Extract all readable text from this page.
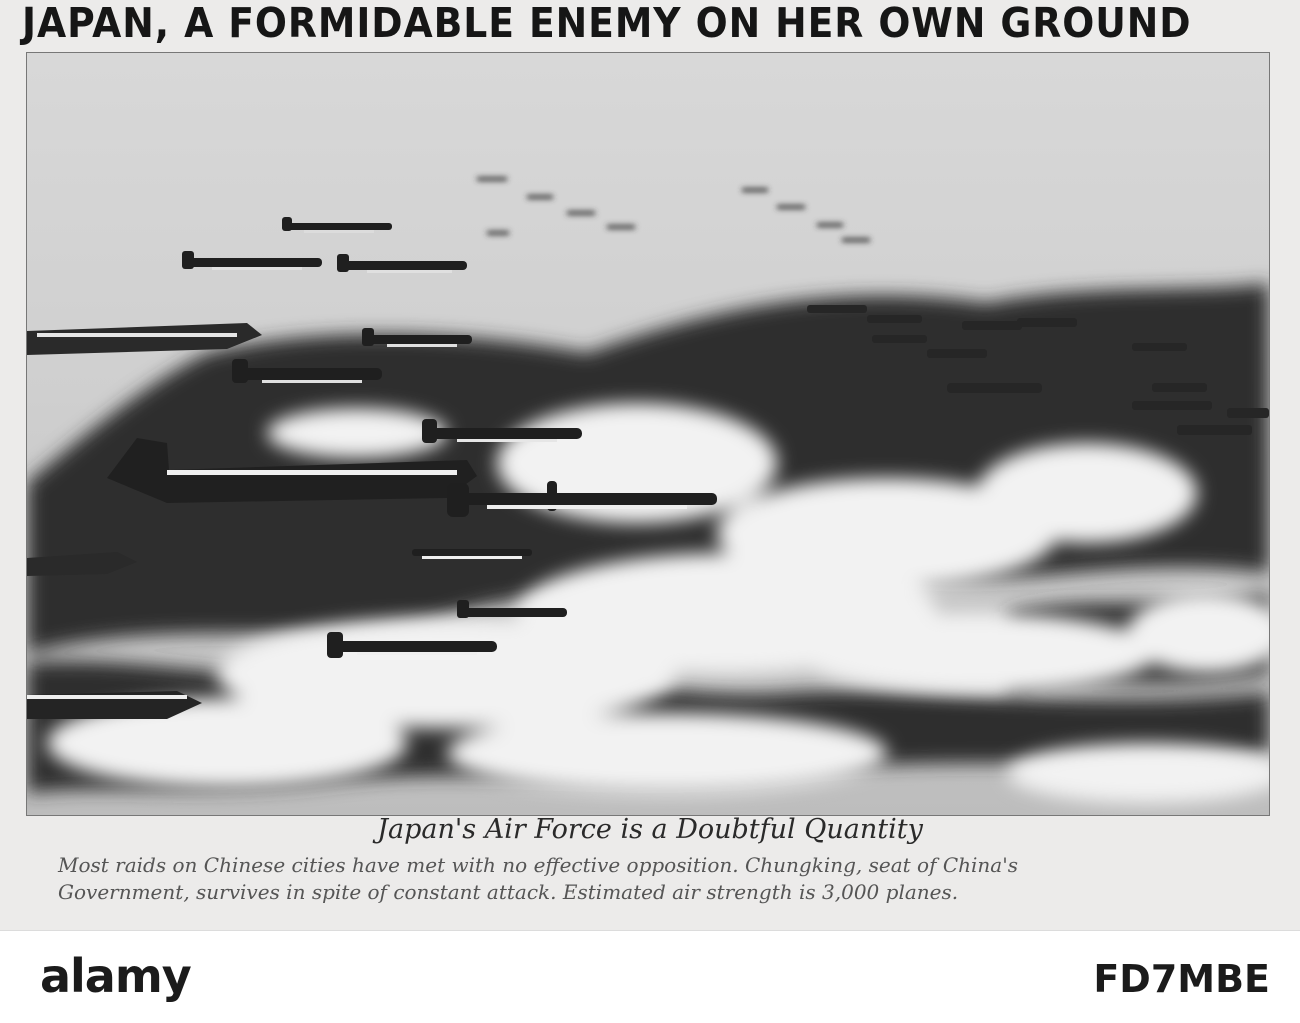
JAPAN, A FORMIDABLE ENEMY ON HER OWN GROUND

Japan's Air Force is a Doubtful Quantity

Most raids on Chinese cities have met with no effective opposition. Chungking, seat of China's
Government, survives in spite of constant attack. Estimated air strength is 3,000 planes.

alamy	FD7MBE
